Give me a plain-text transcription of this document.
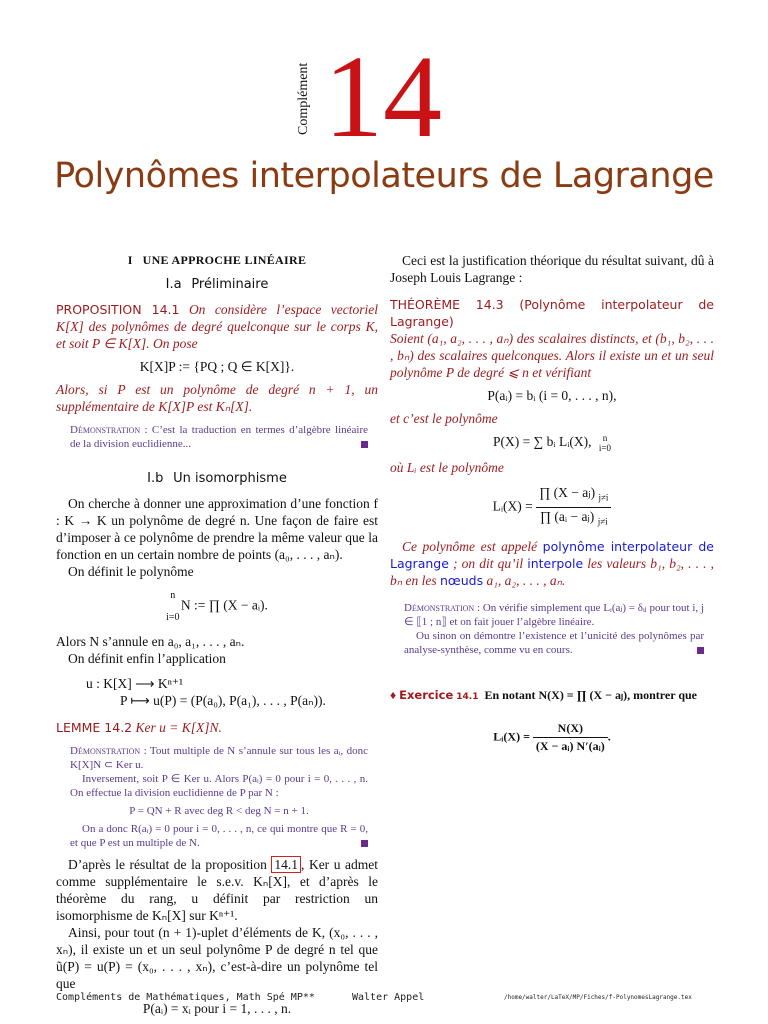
Complément 14
Polynômes interpolateurs de Lagrange
I UNE APPROCHE LINÉAIRE
I.a Préliminaire

PROPOSITION 14.1 On considère l’espace vectoriel K[X] des polynômes de degré quelconque sur le corps K, et soit P ∈ K[X]. On pose

K[X]P := {PQ ; Q ∈ K[X]}.

Alors, si P est un polynôme de degré n + 1, un supplémentaire de K[X]P est Kₙ[X].

Démonstration : C’est la traduction en termes d’algèbre linéaire de la division euclidienne...

I.b Un isomorphisme

On cherche à donner une approximation d’une fonction f : K → K un polynôme de degré n. Une façon de faire est d’imposer à ce polynôme de prendre la même valeur que la fonction en un certain nombre de points (a₀, . . . , aₙ).

On définit le polynôme

n

i=0 N := ∏ (X − aᵢ).

Alors N s’annule en a₀, a₁, . . . , aₙ.

On définit enfin l’application

u : K[X] ⟶ Kⁿ⁺¹
P ⟼ u(P) = (P(a₀), P(a₁), . . . , P(aₙ)).

LEMME 14.2 Ker u = K[X]N.

Démonstration : Tout multiple de N s’annule sur tous les aᵢ, donc K[X]N ⊂ Ker u.

Inversement, soit P ∈ Ker u. Alors P(aᵢ) = 0 pour i = 0, . . . , n. On effectue la division euclidienne de P par N :

P = QN + R avec deg R < deg N = n + 1.

On a donc R(aᵢ) = 0 pour i = 0, . . . , n, ce qui montre que R = 0, et que P est un multiple de N.

D’après le résultat de la proposition 14.1 , Ker u admet comme supplémentaire le s.e.v. Kₙ[X], et d’après le théorème du rang, u définit par restriction un isomorphisme de Kₙ[X] sur Kⁿ⁺¹.

Ainsi, pour tout (n + 1)-uplet d’éléments de K, (x₀, . . . , xₙ), il existe un et un seul polynôme P de degré n tel que ũ(P) = u(P) = (x₀, . . . , xₙ), c’est-à-dire un polynôme tel que

P(aᵢ) = xᵢ pour i = 1, . . . , n.

Ceci est la justification théorique du résultat suivant, dû à Joseph Louis Lagrange :

THÉORÈME 14.3 (Polynôme interpolateur de Lagrange)
Soient (a₁, a₂, . . . , aₙ) des scalaires distincts, et (b₁, b₂, . . . , bₙ) des scalaires quelconques. Alors il existe un et un seul polynôme P de degré ⩽ n et vérifiant

P(aᵢ) = bᵢ (i = 0, . . . , n),

et c’est le polynôme

P(X) = ∑ bᵢ Lᵢ(X), n
i=0

où Lᵢ est le polynôme

Lᵢ(X) = $\frac{\prod (X - aⱼ) _{j\ne i}}{\prod (aᵢ - aⱼ) _{j\ne i}}$

Ce polynôme est appelé polynôme interpolateur de Lagrange ; on dit qu’il interpole les valeurs b₁, b₂, . . . , bₙ en les nœuds a₁, a₂, . . . , aₙ.

Démonstration : On vérifie simplement que Lᵢ(aⱼ) = δᵢⱼ pour tout i, j ∈ ⟦1 ; n⟧ et on fait jouer l’algèbre linéaire.

Ou sinon on démontre l’existence et l’unicité des polynômes par analyse-synthèse, comme vu en cours.

♦ Exercice 14.1 En notant N(X) = ∏ (X − aⱼ), montrer que
Lᵢ(X) = $\frac{N(X)}{\text{(X − aᵢ) N′(aᵢ)}}$ .
Compléments de Mathématiques, Math Spé MP**	Walter Appel	/home/walter/LaTeX/MP/Fiches/f-PolynomesLagrange.tex
